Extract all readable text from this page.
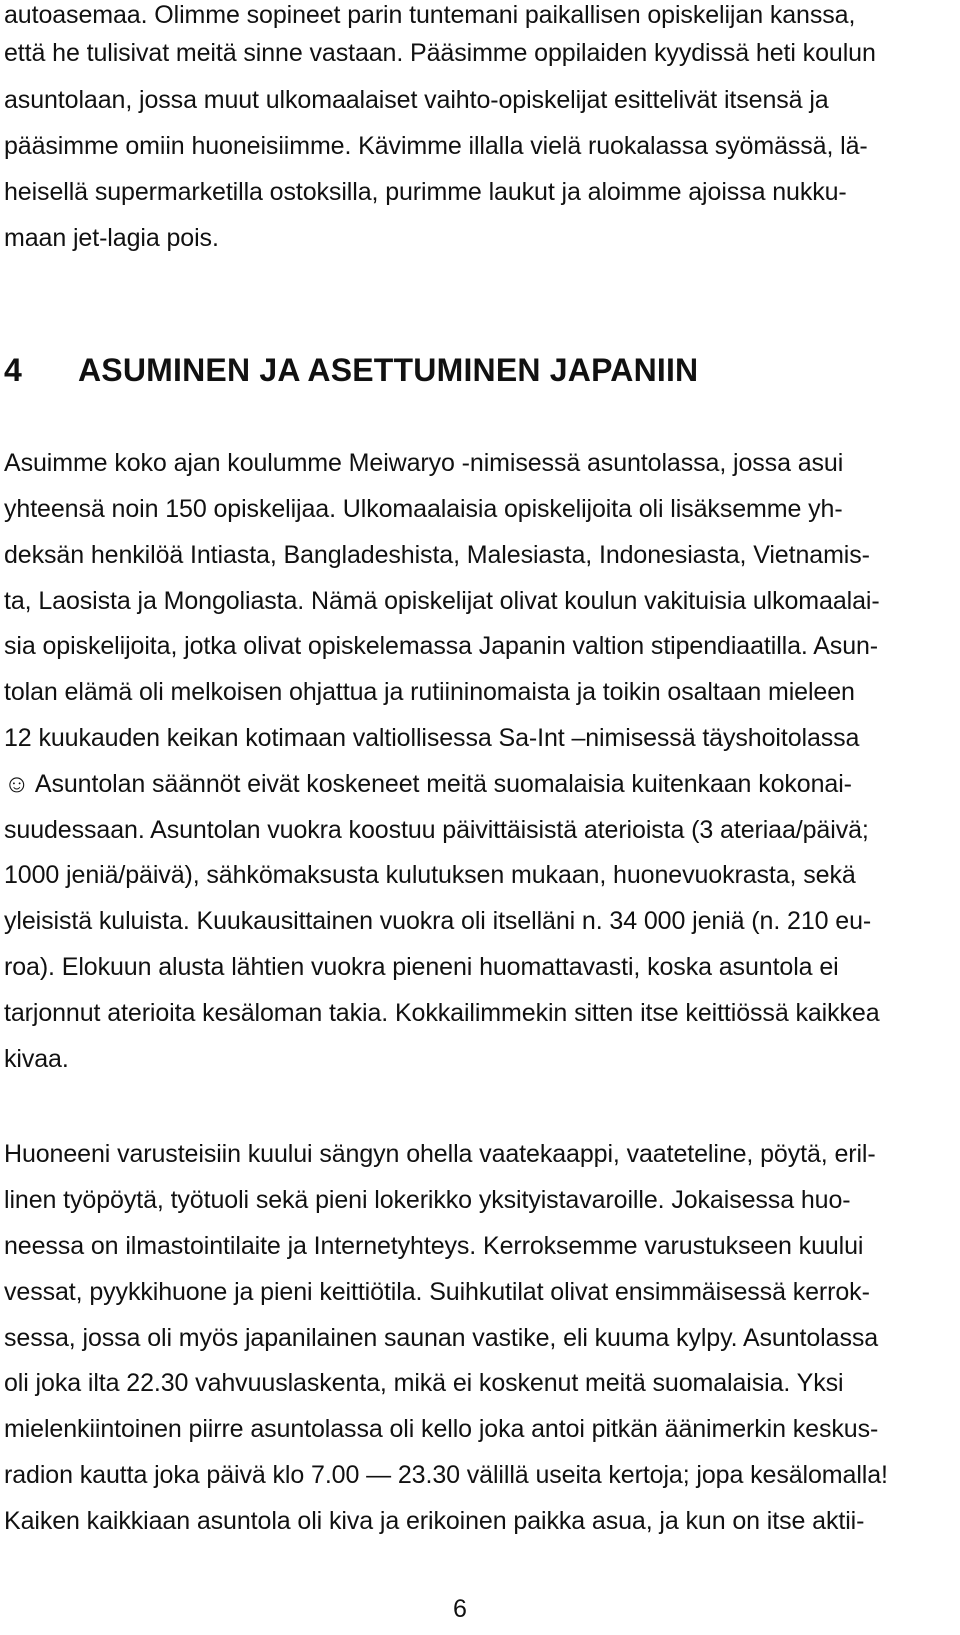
autoasemaa. Olimme sopineet parin tuntemani paikallisen opiskelijan kanssa,
että he tulisivat meitä sinne vastaan. Pääsimme oppilaiden kyydissä heti koulun
asuntolaan, jossa muut ulkomaalaiset vaihto-opiskelijat esittelivät itsensä ja
pääsimme omiin huoneisiimme. Kävimme illalla vielä ruokalassa syömässä, lä-
heisellä supermarketilla ostoksilla, purimme laukut ja aloimme ajoissa nukku-
maan jet-lagia pois.
4 ASUMINEN JA ASETTUMINEN JAPANIIN
Asuimme koko ajan koulumme Meiwaryo -nimisessä asuntolassa, jossa asui
yhteensä noin 150 opiskelijaa. Ulkomaalaisia opiskelijoita oli lisäksemme yh-
deksän henkilöä Intiasta, Bangladeshista, Malesiasta, Indonesiasta, Vietnamis-
ta, Laosista ja Mongoliasta. Nämä opiskelijat olivat koulun vakituisia ulkomaalai-
sia opiskelijoita, jotka olivat opiskelemassa Japanin valtion stipendiaatilla. Asun-
tolan elämä oli melkoisen ohjattua ja rutiininomaista ja toikin osaltaan mieleen
12 kuukauden keikan kotimaan valtiollisessa Sa-Int –nimisessä täyshoitolassa
☺ Asuntolan säännöt eivät koskeneet meitä suomalaisia kuitenkaan kokonai-
suudessaan. Asuntolan vuokra koostuu päivittäisistä aterioista (3 ateriaa/päivä;
1000 jeniä/päivä), sähkömaksusta kulutuksen mukaan, huonevuokrasta, sekä
yleisistä kuluista. Kuukausittainen vuokra oli itselläni n. 34 000 jeniä (n. 210 eu-
roa). Elokuun alusta lähtien vuokra pieneni huomattavasti, koska asuntola ei
tarjonnut aterioita kesäloman takia. Kokkailimmekin sitten itse keittiössä kaikkea
kivaa.
Huoneeni varusteisiin kuului sängyn ohella vaatekaappi, vaateteline, pöytä, eril-
linen työpöytä, työtuoli sekä pieni lokerikko yksityistavaroille. Jokaisessa huo-
neessa on ilmastointilaite ja Internetyhteys. Kerroksemme varustukseen kuului
vessat, pyykkihuone ja pieni keittiötila. Suihkutilat olivat ensimmäisessä kerrok-
sessa, jossa oli myös japanilainen saunan vastike, eli kuuma kylpy. Asuntolassa
oli joka ilta 22.30 vahvuuslaskenta, mikä ei koskenut meitä suomalaisia. Yksi
mielenkiintoinen piirre asuntolassa oli kello joka antoi pitkän äänimerkin keskus-
radion kautta joka päivä klo 7.00 — 23.30 välillä useita kertoja; jopa kesälomalla!
Kaiken kaikkiaan asuntola oli kiva ja erikoinen paikka asua, ja kun on itse aktii-
6
